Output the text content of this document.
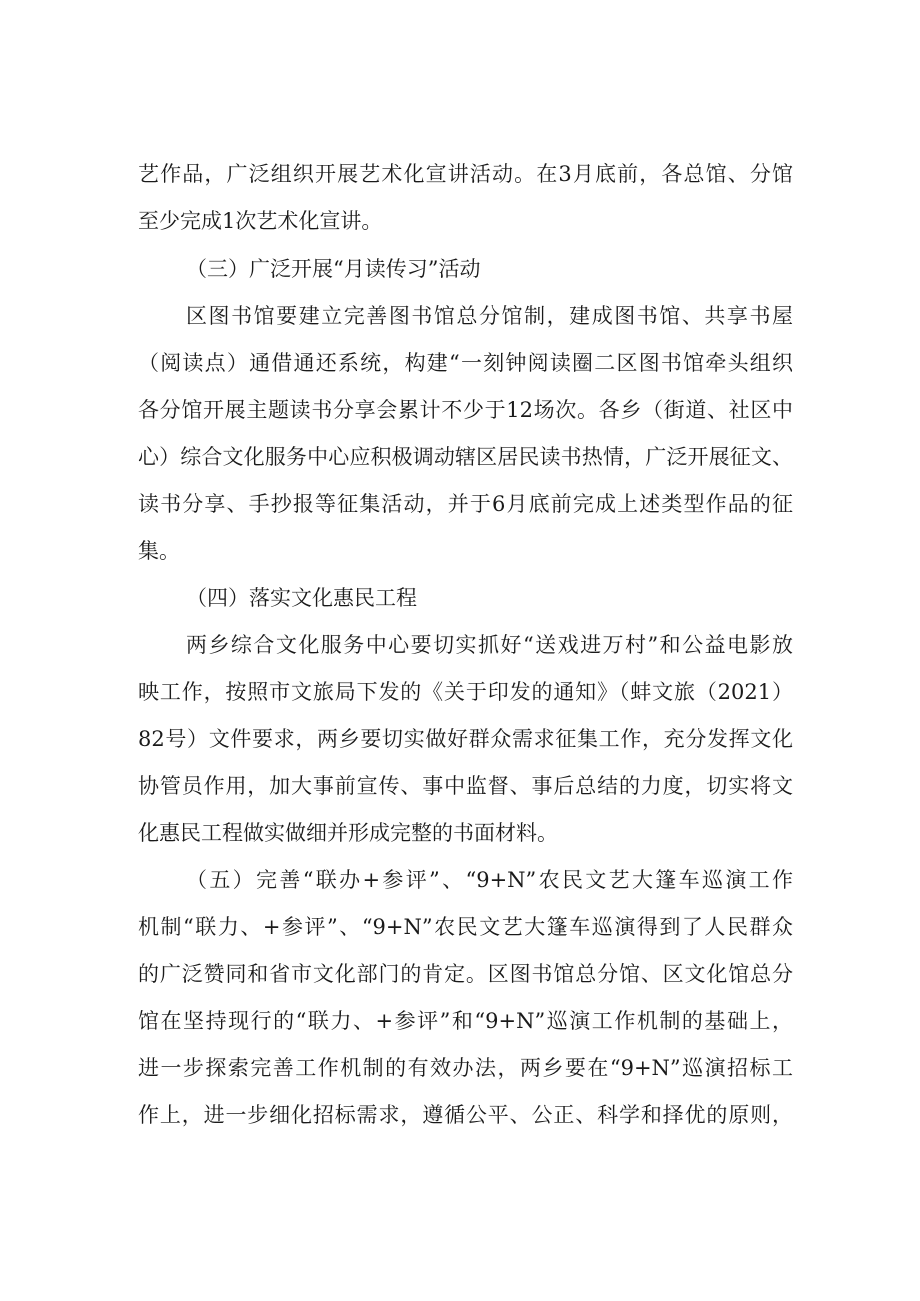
艺作品，广泛组织开展艺术化宣讲活动。在3月底前，各总馆、分馆
至少完成1次艺术化宣讲。
（三）广泛开展“月读传习”活动
区图书馆要建立完善图书馆总分馆制，建成图书馆、共享书屋
（阅读点）通借通还系统，构建“一刻钟阅读圈二区图书馆牵头组织
各分馆开展主题读书分享会累计不少于12场次。各乡（街道、社区中
心）综合文化服务中心应积极调动辖区居民读书热情，广泛开展征文、
读书分享、手抄报等征集活动，并于6月底前完成上述类型作品的征
集。
（四）落实文化惠民工程
两乡综合文化服务中心要切实抓好“送戏进万村”和公益电影放
映工作，按照市文旅局下发的《关于印发的通知》（蚌文旅（2021）
82号）文件要求，两乡要切实做好群众需求征集工作，充分发挥文化
协管员作用，加大事前宣传、事中监督、事后总结的力度，切实将文
化惠民工程做实做细并形成完整的书面材料。
（五）完善“联办+参评”、“9+N”农民文艺大篷车巡演工作
机制“联力、+参评”、“9+N”农民文艺大篷车巡演得到了人民群众
的广泛赞同和省市文化部门的肯定。区图书馆总分馆、区文化馆总分
馆在坚持现行的“联力、+参评”和“9+N”巡演工作机制的基础上，
进一步探索完善工作机制的有效办法，两乡要在“9+N”巡演招标工
作上，进一步细化招标需求，遵循公平、公正、科学和择优的原则，
